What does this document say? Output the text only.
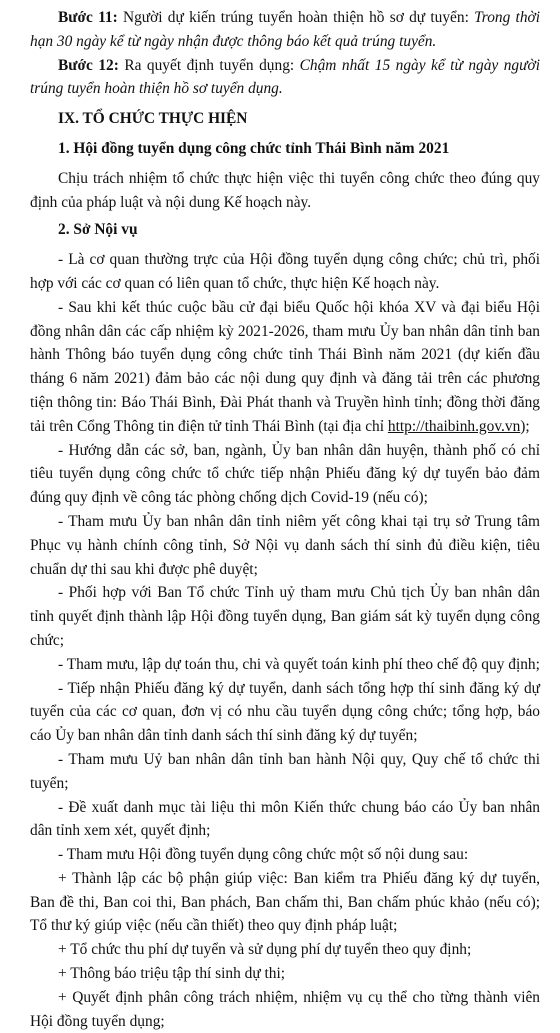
Bước 11: Người dự kiến trúng tuyển hoàn thiện hồ sơ dự tuyển: Trong thời hạn 30 ngày kể từ ngày nhận được thông báo kết quả trúng tuyển.

Bước 12: Ra quyết định tuyển dụng: Chậm nhất 15 ngày kể từ ngày người trúng tuyển hoàn thiện hồ sơ tuyển dụng.

IX. TỔ CHỨC THỰC HIỆN

1. Hội đồng tuyển dụng công chức tỉnh Thái Bình năm 2021

Chịu trách nhiệm tổ chức thực hiện việc thi tuyển công chức theo đúng quy định của pháp luật và nội dung Kế hoạch này.

2. Sở Nội vụ

- Là cơ quan thường trực của Hội đồng tuyển dụng công chức; chủ trì, phối hợp với các cơ quan có liên quan tổ chức, thực hiện Kế hoạch này.

- Sau khi kết thúc cuộc bầu cử đại biểu Quốc hội khóa XV và đại biểu Hội đồng nhân dân các cấp nhiệm kỳ 2021-2026, tham mưu Ủy ban nhân dân tỉnh ban hành Thông báo tuyển dụng công chức tỉnh Thái Bình năm 2021 (dự kiến đầu tháng 6 năm 2021) đảm bảo các nội dung quy định và đăng tải trên các phương tiện thông tin: Báo Thái Bình, Đài Phát thanh và Truyền hình tỉnh; đồng thời đăng tải trên Cổng Thông tin điện tử tỉnh Thái Bình (tại địa chỉ http://thaibinh.gov.vn);

- Hướng dẫn các sở, ban, ngành, Ủy ban nhân dân huyện, thành phố có chỉ tiêu tuyển dụng công chức tổ chức tiếp nhận Phiếu đăng ký dự tuyển bảo đảm đúng quy định về công tác phòng chống dịch Covid-19 (nếu có);

- Tham mưu Ủy ban nhân dân tỉnh niêm yết công khai tại trụ sở Trung tâm Phục vụ hành chính công tỉnh, Sở Nội vụ danh sách thí sinh đủ điều kiện, tiêu chuẩn dự thi sau khi được phê duyệt;

- Phối hợp với Ban Tổ chức Tỉnh uỷ tham mưu Chủ tịch Ủy ban nhân dân tỉnh quyết định thành lập Hội đồng tuyển dụng, Ban giám sát kỳ tuyển dụng công chức;

- Tham mưu, lập dự toán thu, chi và quyết toán kinh phí theo chế độ quy định;

- Tiếp nhận Phiếu đăng ký dự tuyển, danh sách tổng hợp thí sinh đăng ký dự tuyển của các cơ quan, đơn vị có nhu cầu tuyển dụng công chức; tổng hợp, báo cáo Ủy ban nhân dân tỉnh danh sách thí sinh đăng ký dự tuyển;

- Tham mưu Uỷ ban nhân dân tỉnh ban hành Nội quy, Quy chế tổ chức thi tuyển;

- Đề xuất danh mục tài liệu thi môn Kiến thức chung báo cáo Ủy ban nhân dân tỉnh xem xét, quyết định;

- Tham mưu Hội đồng tuyển dụng công chức một số nội dung sau:

+ Thành lập các bộ phận giúp việc: Ban kiểm tra Phiếu đăng ký dự tuyển, Ban đề thi, Ban coi thi, Ban phách, Ban chấm thi, Ban chấm phúc khảo (nếu có); Tổ thư ký giúp việc (nếu cần thiết) theo quy định pháp luật;

+ Tổ chức thu phí dự tuyển và sử dụng phí dự tuyển theo quy định;

+ Thông báo triệu tập thí sinh dự thi;

+ Quyết định phân công trách nhiệm, nhiệm vụ cụ thể cho từng thành viên Hội đồng tuyển dụng;
